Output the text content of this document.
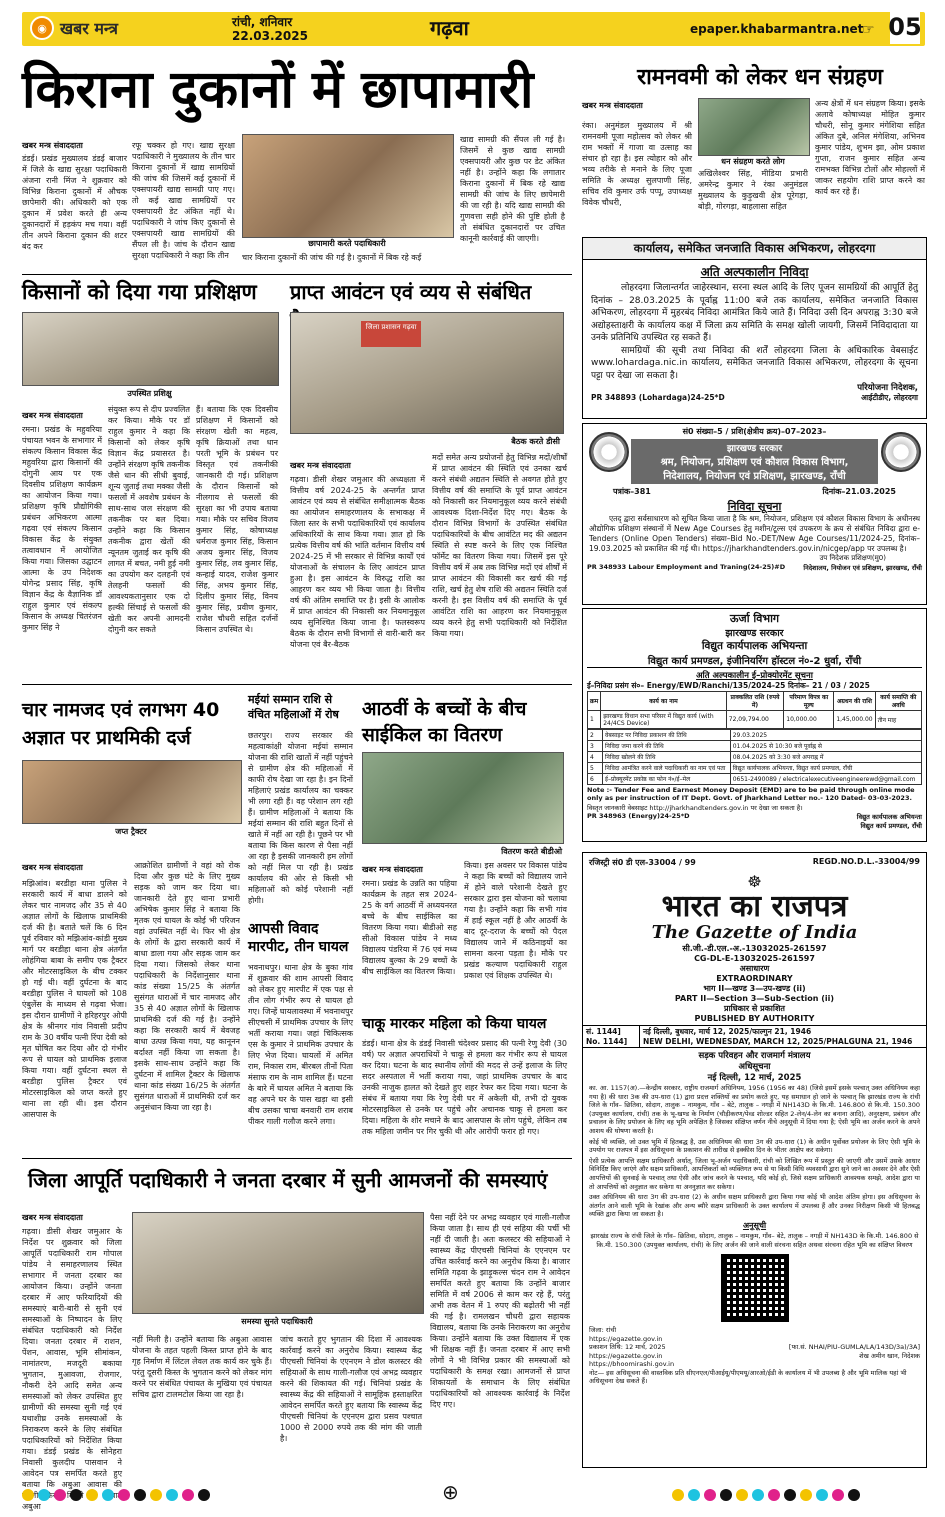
◉ खबर मन्त्र	रांची, शनिवार
22.03.2025	गढ़वा	epaper.khabarmantra.net
☞ 05
किराना दुकानों में छापामारी
खबर मन्त्र संवाददाता
डंडई। प्रखंड मुख्यालय डंडई बाजार में जिले के खाद्य सुरक्षा पदाधिकारी अंजना रानी मिंज ने शुक्रवार को विभिन्न किराना दुकानों में औचक छापेमारी की। अधिकारी को एक दुकान में प्रवेश करते ही अन्य दुकानदारों में हड़कंप मच गया। वहीं तीन अपने किराना दुकान की शटर बंद कर
रफू चक्कर हो गए। खाद्य सुरक्षा पदाधिकारी ने मुख्यालय के तीन चार किराना दुकानों में खाद्य सामग्रियों की जांच की जिसमें कई दुकानों में एक्सपायरी खाद्य सामग्री पाए गए। तो कई खाद्य सामग्रियों पर एक्सपायरी डेट अंकित नहीं थे। पदाधिकारी ने जांच किए दुकानों से एक्सपायरी खाद्य सामग्रियों की सैंपल ली है। जांच के दौरान खाद्य सुरक्षा पदाधिकारी ने कहा कि तीन
छापामारी करते पदाधिकारी
चार किराना दुकानों की जांच की गई है। दुकानों में बिक रहे कई
खाद्य सामग्री की सैंपल ली गई है। जिसमें से कुछ खाद्य सामग्री एक्सपायरी और कुछ पर डेट अंकित नहीं है। उन्होंने कहा कि लगातार किराना दुकानों में बिक रहे खाद्य सामग्री की जांच के लिए छापेमारी की जा रही है। यदि खाद्य सामग्री की गुणवत्ता सही होने की पुष्टि होती है तो संबंधित दुकानदारों पर उचित कानूनी कार्रवाई की जाएगी।
रामनवमी को लेकर धन संग्रहण
खबर मन्त्र संवाददाता
रंका। अनुमंडल मुख्यालय में श्री रामनवमी पूजा महोत्सव को लेकर श्री राम भक्तों में गाजा वा उत्साह का संचार हो रहा है। इस त्योहार को और भव्य तरीके से मनाने के लिए पूजा समिति के अध्यक्ष सुलपाणी सिंह, सचिव रवि कुमार उर्फ पप्पू, उपाध्यक्ष विवेक चौधरी,
धन संग्रहण करते लोग
अखिलेश्वर सिंह, मीडिया प्रभारी अमरेन्द्र कुमार ने रंका अनुमंडल मुख्यालय के कुड़ुखवी क्षेत्र पूरेगड़ा, बोड़ी, गोरगड़ा, बाहलासा सहित
अन्य क्षेत्रों में धन संग्रहण किया। इसके अलावे कोषाध्यक्ष मोहित कुमार चौधरी, सोनू कुमार मंगेशिया सहित अंकित दुबे, अनिल मंगेशिया, अभिनव कुमार पांडेय, शुभम झा, ओम प्रकाश गुप्ता, राजन कुमार सहित अन्य रामभक्त विभिन्न टोलों और मोहल्लों में जाकर सहयोग राशि प्राप्त करने का कार्य कर रहे हैं।
कार्यालय, समेकित जनजाति विकास अभिकरण, लोहरदगा
अति अल्पकालीन निविदा
लोहरदगा जिलान्तर्गत जाहेरस्थान, सरना स्थल आदि के लिए पूजन सामग्रियों की आपूर्ति हेतु दिनांक – 28.03.2025 के पूर्वाह्न 11:00 बजे तक कार्यालय, समेकित जनजाति विकास अभिकरण, लोहरदगा में मुहरबंद निविदा आमंत्रित किये जाते हैं। निविदा उसी दिन अपराह्न 3:30 बजे अद्योहस्ताक्षरी के कार्यालय कक्ष में जिला क्रय समिति के समक्ष खोली जायगी, जिसमें निविदादाता या उनके प्रतिनिधि उपस्थित रह सकते हैं।
सामग्रियों की सूची तथा निविदा की शर्तें लोहरदगा जिला के अधिकारिक वेबसाईट www.lohardaga.nic.in कार्यालय, समेकित जनजाति विकास अभिकरण, लोहरदगा के सूचना पट्टा पर देखा जा सकता है।
परियोजना निदेशक,
PR 348893 (Lohardaga)24-25*D	आईटीडीए, लोहरदगा
सं0 संख्या–5 / प्रशि(क्षेत्रीय क्रय)–07–2023–
झारखण्ड सरकार
श्रम, नियोजन, प्रशिक्षण एवं कौशल विकास विभाग,
निदेशालय, नियोजन एवं प्रशिक्षण, झारखण्ड, राँची
पत्रांक–381	दिनांक–21.03.2025
निविदा सूचना
एतद् द्वारा सर्वसाधारण को सूचित किया जाता है कि श्रम, नियोजन, प्रशिक्षण एवं कौशल विकास विभाग के अधीनस्थ औद्योगिक प्रशिक्षण संस्थानों में New Age Courses हेतु मशीन/टूल्स एवं उपकरण के क्रय से संबंधित निविदा द्वारा e-Tenders (Online Open Tenders) संख्या–Bid No.-DET/New Age Courses/11/2024-25, दिनांक–19.03.2025 को प्रकाशित की गई थी। https://jharkhandtenders.gov.in/nicgep/app पर उपलब्ध है।
उप निदेशक प्रशिक्षण(मु0)
PR 348933 Labour Employment and Traning(24-25)#D	निदेशालय, नियोजन एवं प्रशिक्षण, झारखण्ड, राँची
ऊर्जा विभाग
झारखण्ड सरकार
विद्युत कार्यपालक अभियन्ता
विद्युत कार्य प्रमण्डल, इंजीनियरिंग हॉस्टल नं०-2 धुर्वा, राँची
अति अल्पकालीन ई–प्रोक्योरमेंट सूचना
ई–निविदा प्रसंग सं०– Energy/EWD/Ranchi/135/2024-25 दिनांक– 21 / 03 / 2025
क्रम	कार्य का नाम	प्राक्कलित राशि (रुपये में)	परिमाण विपत्र का मूल्य	अग्रधन की राशि	कार्य समाप्ति की अवधि
1	झारखण्ड विधान सभा परिसर में विद्युत कार्य (with 24/4CS Device)	72,09,794.00	10,000.00	1,45,000.00	तीन माह
2	वेबसाइट पर निविदा प्रकाशन की तिथि	29.03.2025
3	निविदा जमा करने की तिथि	01.04.2025 से 10:30 बजे पूर्वाह्न से
4	निविदा खोलने की तिथि	08.04.2025 को 3:30 बजे अपराह्न में
5	निविदा आमंत्रित करने वाले पदाधिकारी का नाम एवं पता	विद्युत कार्यपालक अभियन्ता, विद्युत कार्य प्रमण्डल, राँची
6	ई–प्रोक्यूरमेंट प्रकोष्ठ का फोन नं०/ई–मेल	0651-2490089 / electricalexecutiveengineerewd@gmail.com
Note :- Tender Fee and Earnest Money Deposit (EMD) are to be paid through online mode only as per instruction of IT Dept. Govt. of Jharkhand Letter no.- 120 Dated- 03-03-2023.
विस्तृत जानकारी वेबसाइट http://jharkhandtenders.gov.in पर देखा जा सकता है।
PR 348963 (Energy)24-25*D	विद्युत कार्यपालक अभियन्ता
विद्युत कार्य प्रमण्डल, राँची
किसानों को दिया गया प्रशिक्षण
उपस्थित प्रशिक्षु
खबर मन्त्र संवाददाता
रमना। प्रखंड के महुवरिया पंचायत भवन के सभागार में संकल्प किसान विकास केंद्र महुवरिया द्वारा किसानों की दोगुनी आय पर एक दिवसीय प्रशिक्षण कार्यक्रम का आयोजन किया गया। प्रशिक्षण कृषि प्रौद्योगिकी प्रबंधन अभिकरण आत्मा गढ़वा एवं संकल्प किसान विकास केंद्र के संयुक्त तत्वावधान में आयोजित किया गया। जिसका उद्घाटन आत्मा के उप निदेशक योगेन्द्र प्रसाद सिंह, कृषि विज्ञान केंद्र के वैज्ञानिक डॉ राहुल कुमार एवं संकल्प किसान के अध्यक्ष चितरंजन कुमार सिंह ने
संयुक्त रूप से दीप प्रज्वलित कर किया। मौके पर डॉ राहुल कुमार ने कहा कि किसानों को लेकर कृषि विज्ञान केंद्र प्रयासरत है। उन्होंने संरक्षण कृषि तकनीक जैसे धान की सीधी बुवाई, शून्य जुताई तथा मक्का जैसी फसलों में अवशेष प्रबंधन के साथ-साथ जल संरक्षण की तकनीक पर बल दिया। उन्होंने कहा कि किसान तकनीक द्वारा खेतों की न्यूनतम जुताई कर कृषि की लागत में बचत, नमी हुई नमी का उपयोग कर दलहनी एवं तेलहनी फसलों की आवश्यकतानुसार एक दो हल्की सिंचाई से फसलों की खेती कर अपनी आमदनी दोगुनी कर सकते
हैं। बताया कि एक दिवसीय प्रशिक्षण में किसानों को संरक्षण खेती का महत्व, कृषि क्रियाओं तथा धान परती भूमि के प्रबंधन पर विस्तृत एवं तकनीकी जानकारी दी गई। प्रशिक्षण के दौरान किसानों को नीलगाय से फसलों की सुरक्षा का भी उपाय बताया गया। मौके पर सचिव विजय कुमार सिंह, कोषाध्यक्ष धर्मराज कुमार सिंह, किसान अजय कुमार सिंह, विजय कुमार सिंह, लव कुमार सिंह, कन्हाई यादव, राजेश कुमार सिंह, अभय कुमार सिंह, दिलीप कुमार सिंह, विनय कुमार सिंह, प्रवीण कुमार, राजेश चौधरी सहित दर्जनों किसान उपस्थित थे।
प्राप्त आवंटन एवं व्यय से संबंधित
जिला प्रशासन गढ़वा
बैठक करते डीसी
खबर मन्त्र संवाददाता
गढ़वा। डीसी शेखर जमुआर की अध्यक्षता में वित्तीय वर्ष 2024-25 के अन्तर्गत प्राप्त आवंटन एवं व्यय से संबंधित समीक्षात्मक बैठक का आयोजन समाहरणालय के सभाकक्ष में जिला स्तर के सभी पदाधिकारियों एवं कार्यालय अधिकारियों के साथ किया गया। ज्ञात हो कि प्रत्येक वित्तीय वर्ष की भांति वर्तमान वित्तीय वर्ष 2024-25 में भी सरकार से विभिन्न कार्यों एवं योजनाओं के संचालन के लिए आवंटन प्राप्त हुआ है। इस आवंटन के विरुद्ध राशि का आहरण कर व्यय भी किया जाता है। वित्तीय वर्ष की अंतिम समाप्ति पर है। इसी के आलोक में प्राप्त आवंटन की निकासी कर नियमानुकूल व्यय सुनिश्चित किया जाना है। फलस्वरूप बैठक के दौरान सभी विभागों से वारी-बारी कर योजना एवं बैर-बैठक
मदों समेत अन्य प्रयोजनों हेतु विभिन्न मदों/शीर्षों में प्राप्त आवंटन की स्थिति एवं उनका खर्च करने संबंधी अद्यतन स्थिति से अवगत होते हुए वित्तीय वर्ष की समाप्ति के पूर्व प्राप्त आवंटन को निकासी कर नियमानुकूल व्यय करने संबंधी आवश्यक दिशा-निर्देश दिए गए। बैठक के दौरान विभिन्न विभागों के उपस्थित संबंधित पदाधिकारियों के बीच आवंटित मद की अद्यतन स्थिति से स्पष्ट करने के लिए एक निश्चित फॉर्मेट का वितरण किया गया। जिसमें इस पूरे वित्तीय वर्ष में अब तक विभिन्न मदों एवं शीर्षों में प्राप्त आवंटन की विकासी कर खर्च की गई राशि, खर्च हेतु शेष राशि की अद्यतन स्थिति दर्ज करनी है। इस वित्तीय वर्ष की समाप्ति के पूर्व आवंटित राशि का आहरण कर नियमानुकूल व्यय करने हेतु सभी पदाधिकारी को निर्देशित किया गया।
चार नामजद एवं लगभग 40 अज्ञात पर प्राथमिकी दर्ज
जप्त ट्रैक्टर
खबर मन्त्र संवाददाता
मझिआंव। बरडीहा थाना पुलिस ने सरकारी कार्य में बाधा डालने को लेकर चार नामजद और 35 से 40 अज्ञात लोगों के खिलाफ प्राथमिकी दर्ज की है। बताते चलें कि 6 दिन पूर्व रविवार को मझिआंव-कांडी मुख्य मार्ग पर बरडीहा थाना क्षेत्र अंतर्गत लोहंगिया बाबा के समीप एक ट्रैक्टर और मोटरसाइकिल के बीच टक्कर हो गई थी। वहीं दुर्घटना के बाद बरडीहा पुलिस ने घायलों को 108 एंबुलेंस के माध्यम से गढ़वा भेजा। इस दौरान ग्रामीणों ने हरिहरपुर ओपी क्षेत्र के श्रीनगर गांव निवासी प्रदीप राम के 30 वर्षीय पत्नी रिंपा देवी को मृत घोषित कर दिया और दो गंभीर रूप से घायल को प्राथमिक इलाज किया गया। वहीं दुर्घटना स्थल से बरडीहा पुलिस ट्रैक्टर एवं मोटरसाइकिल को जप्त करते हुए थाना ला रही थी। इस दौरान आसपास के
आक्रोशित ग्रामीणों ने वहां को रोक दिया और कुछ घंटे के लिए मुख्य सड़क को जाम कर दिया था। जानकारी देते हुए थाना प्रभारी अभिषेक कुमार सिंह ने बताया कि मृतक एवं घायल के कोई भी परिजन वहां उपस्थित नहीं थे। फिर भी क्षेत्र के लोगों के द्वारा सरकारी कार्य में बाधा डाला गया और सड़क जाम कर दिया गया। जिसको लेकर थाना पदाधिकारी के निर्देशानुसार थाना कांड संख्या 15/25 के अंतर्गत सुसंगत धाराओं में चार नामजद और 35 से 40 अज्ञात लोगों के खिलाफ प्राथमिकी दर्ज की गई है। उन्होंने कहा कि सरकारी कार्य में बेवजह बाधा उत्पन्न किया गया, यह कानूनन बर्दाश्त नहीं किया जा सकता है। इसके साथ-साथ उन्होंने कहा कि दुर्घटना में शामिल ट्रैक्टर के खिलाफ थाना कांड संख्या 16/25 के अंतर्गत सुसंगत धाराओं में प्राथमिकी दर्ज कर अनुसंधान किया जा रहा है।
मईयां सम्मान राशि से वंचित महिलाओं में रोष
छतरपुर। राज्य सरकार की महत्वाकांक्षी योजना मईयां सम्मान योजना की राशि खातों में नहीं पहुंचने से ग्रामीण क्षेत्र की महिलाओं में काफी रोष देखा जा रहा है। इन दिनों महिलाएं प्रखंड कार्यालय का चक्कर भी लगा रही हैं। वह परेशान लग रही हैं। ग्रामीण महिलाओं ने बताया कि मईयां सम्मान की राशि बहुत दिनों से खाते में नहीं आ रही है। पूछने पर भी बताया कि किस कारण से पैसा नहीं आ रहा है इसकी जानकारी हम लोगों को नहीं मिल पा रही है। प्रखंड कार्यालय की ओर से किसी भी महिलाओं को कोई परेशानी नहीं होगी।
आपसी विवाद मारपीट, तीन घायल
भवनाथपुर। थाना क्षेत्र के बुका गांव में शुक्रवार की शाम आपसी विवाद को लेकर हुए मारपीट में एक पक्ष से तीन लोग गंभीर रूप से घायल हो गए। जिन्हें घायलावस्था में भवनाथपुर सीएचसी में प्राथमिक उपचार के लिए भर्ती कराया गया। जहां चिकित्सक एस के कुमार ने प्राथमिक उपचार के लिए भेज दिया। घायलों में अमित राम, निकास राम, बीरबल तीनों पिता मंसाफ राम के नाम शामिल हैं। घटना के बारे में घायल अमित ने बताया कि वह अपने घर के पास खड़ा था इसी बीच उसका चाचा बनवारी राम शराब पीकर गाली गलौज करने लगा।
आठवीं के बच्चों के बीच साईकिल का वितरण
वितरण करते बीडीओ
खबर मन्त्र संवाददाता
रमना। प्रखंड के उन्नति का पहिया कार्यक्रम के तहत सत्र 2024-25 के वर्ग आठवीं में अध्ययनरत बच्चे के बीच साईकिल का वितरण किया गया। बीडीओ सह सीओ विकास पांडेय ने मध्य विद्यालय पंडरिया में 76 एवं मध्य विद्यालय बुल्का के 29 बच्चों के बीच साईकिल का वितरण किया।
किया। इस अवसर पर विकास पांडेय ने कहा कि बच्चों को विद्यालय जाने में होने वाले परेशानी देखते हुए सरकार द्वारा इस योजना को चलाया गया है। उन्होंने कहा कि सभी गांव में हाई स्कूल नहीं है और आठवीं के बाद दूर-दराज के बच्चों को पैदल विद्यालय जाने में कठिनाइयों का सामना करना पड़ता है। मौके पर प्रखंड कल्याण पदाधिकारी राहुल प्रकाश एवं शिक्षक उपस्थित थे।
चाकू मारकर महिला को किया घायल
डंडई। थाना क्षेत्र के डंडई निवासी चंदेश्वर प्रसाद की पत्नी रेणु देवी (30 वर्ष) पर अज्ञात अपराधियों ने चाकू से हमला कर गंभीर रूप से घायल कर दिया। घटना के बाद स्थानीय लोगों की मदद से उन्हें इलाज के लिए सदर अस्पताल में भर्ती कराया गया, जहां प्राथमिक उपचार के बाद उनकी नाजुक हालत को देखते हुए शहर रेफर कर दिया गया। घटना के संबंध में बताया गया कि रेणु देवी घर में अकेली थी, तभी दो युवक मोटरसाइकिल से उनके घर पहुंचे और अचानक चाकू से हमला कर दिया। महिला के शोर मचाने के बाद आसपास के लोग पहुंचे, लेकिन तब तक महिला जमीन पर गिर चुकी थी और आरोपी फरार हो गए।
जिला आपूर्ति पदाधिकारी ने जनता दरबार में सुनी आमजनों की समस्याएं
खबर मन्त्र संवाददाता
गढ़वा। डीसी शेखर जमुआर के निर्देश पर शुक्रवार को जिला आपूर्ति पदाधिकारी राम गोपाल पांडेय ने समाहरणालय स्थित सभागार में जनता दरबार का आयोजन किया। उन्होंने जनता दरबार में आए फरियादियों की समस्याएं बारी-बारी से सुनी एवं समस्याओं के निष्पादन के लिए संबंधित पदाधिकारी को निर्देश दिया। जनता दरबार में राशन, पेंशन, आवास, भूमि सीमांकन, नामांतरण, मजदूरी बकाया भुगतान, मुआवजा, रोजगार, नौकरी देने आदि समेत अन्य समस्याओं को लेकर उपस्थित हुए ग्रामीणों की समस्या सुनी गई एवं यथाशीघ्र उनके समस्याओं के निराकरण करने के लिए संबंधित पदाधिकारियों को निर्देशित किया गया। डंडई प्रखंड के सोनेहरा निवासी कुलदीप पासवान ने आवेदन पत्र समर्पित करते हुए बताया कि अबुआ आवास की किस्त अबुआ
समस्या सुनते पदाधिकारी
नहीं मिली है। उन्होंने बताया कि अबुआ आवास योजना के तहत पहली किस्त प्राप्त होने के बाद गृह निर्माण में लिंटल लेवल तक कार्य कर चुके हैं। परंतु दूसरी किस्त के भुगतान करने को लेकर मांग करने पर संबंधित पंचायत के मुखिया एवं पंचायत सचिव द्वारा टालमटोल किया जा रहा है।
जांच कराते हुए भुगतान की दिशा में आवश्यक कार्रवाई करने का अनुरोध किया। स्वास्थ्य केंद्र पीएचसी चिनियां के एएनएम ने डोल कलस्टर की सहियाओं के साथ गाली-गलौज एवं अभद्र व्यवहार करने की शिकायत की गई। चिनियां प्रखंड के स्वास्थ्य केंद्र की सहियाओं ने सामूहिक हस्ताक्षरित आवेदन समर्पित करते हुए बताया कि स्वास्थ्य केंद्र पीएचसी चिनियां के एएनएम द्वारा प्रसव पश्चात 1000 से 2000 रुपये तक की मांग की जाती है।
पैसा नहीं देने पर अभद्र व्यवहार एवं गाली-गलौज किया जाता है। साथ ही एवं सहिया की पर्ची भी नहीं दी जाती है। अतः कलस्टर की सहियाओं ने स्वास्थ्य केंद्र पीएचसी चिनियां के एएनएम पर उचित कार्रवाई करने का अनुरोध किया है। बाजार समिति गढ़वा के झाड़ूकल्स चंदन राम ने आवेदन समर्पित करते हुए बताया कि उन्होंने बाजार समिति में वर्ष 2006 से काम कर रहे हैं, परंतु अभी तक वेतन में 1 रुपए की बढ़ोतरी भी नहीं की गई है। रामलखन चौधरी द्वारा सहायक विद्यालय, बताया कि उनके निराकरण का अनुरोध किया। उन्होंने बताया कि उक्त विद्यालय में एक भी शिक्षक नहीं हैं। जनता दरबार में आए सभी लोगों ने भी विभिन्न प्रकार की समस्याओं को पदाधिकारी के समक्ष रखा। आमजनों से प्राप्त शिकायतों के समाधान के लिए संबंधित पदाधिकारियों को आवश्यक कार्रवाई के निर्देश दिए गए।
रजिस्ट्री सं0 डी एल-33004 / 99	REGD.NO.D.L.-33004/99
☸
भारत का राजपत्र
The Gazette of India
सी.जी.-डी.एल.-अ.-13032025-261597
CG-DL-E-13032025-261597
असाधारण
EXTRAORDINARY
भाग II—खण्ड 3—उप-खण्ड (ii)
PART II—Section 3—Sub-Section (ii)
प्राधिकार से प्रकाशित
PUBLISHED BY AUTHORITY
सं. 1144]
No. 1144]
नई दिल्ली, बुधवार, मार्च 12, 2025/फाल्गुन 21, 1946
NEW DELHI, WEDNESDAY, MARCH 12, 2025/PHALGUNA 21, 1946
सड़क परिवहन और राजमार्ग मंत्रालय
अधिसूचना
नई दिल्ली, 12 मार्च, 2025
का. आ. 1157(अ).—केन्द्रीय सरकार, राष्ट्रीय राजमार्ग अधिनियम, 1956 (1956 का 48) (जिसे इसमें इसके पश्चात् उक्त अधिनियम कहा गया है) की धारा 3क की उप-धारा (1) द्वारा प्रदत्त शक्तियों का प्रयोग करते हुए, यह समाधान हो जाने के पश्चात् कि झारखंड राज्य के रांची जिले के गाँव– छितिवा, सोदाग, तालुक – नामकुम, गाँव – बेटे, तालुक – नगड़ी में NH143D के कि.मी. 146.800 से कि.मी. 150.300 (उपयुक्त कार्यालय, रांची) तक के भू-खण्ड के निर्माण (चौड़ीकरण/पेव्ड शोल्डर सहित 2-लेन/4-लेन का बनाना आदि), अनुरक्षण, प्रबंधन और प्रचालन के लिए प्रयोजन के लिए वह भूमि अपेक्षित है जिसका संक्षिप्त वर्णन नीचे अनुसूची में दिया गया है; ऐसी भूमि का अर्जन करने के अपने आशय की घोषणा करती है।
कोई भी व्यक्ति, जो उक्त भूमि में हितबद्ध है, उस अधिनियम की धारा 3ग की उप-धारा (1) के अधीन पूर्वोक्त प्रयोजन के लिए ऐसी भूमि के उपयोग पर राजपत्र में इस अधिसूचना के प्रकाशन की तारीख से इक्कीस दिन के भीतर आक्षेप कर सकेगा।
ऐसी प्रत्येक आपत्ति सक्षम प्राधिकारी अर्थात्, जिला भू-अर्जन पदाधिकारी, रांची को लिखित रूप में प्रस्तुत की जाएगी और उसमें उसके आधार विनिर्दिष्ट किए जाएंगे और सक्षम प्राधिकारी, आपत्तिकर्ता को व्यक्तिगत रूप से या किसी विधि व्यवसायी द्वारा सुने जाने का अवसर देने और ऐसी आपत्तियों की सुनवाई के पश्चात् तथा ऐसी और जांच करने के पश्चात्, यदि कोई हो, जिसे सक्षम प्राधिकारी आवश्यक समझे, आदेश द्वारा या तो आपत्तियों को अनुज्ञात कर सकेगा या अननुज्ञात कर सकेगा।
उक्त अधिनियम की धारा 3ग की उप-धारा (2) के अधीन सक्षम प्राधिकारी द्वारा किया गया कोई भी आदेश अंतिम होगा। इस अधिसूचना के अंतर्गत आने वाली भूमि के रेखांक और अन्य ब्यौरे सक्षम प्राधिकारी के उक्त कार्यालय में उपलब्ध हैं और उनका निरीक्षण किसी भी हितबद्ध व्यक्ति द्वारा किया जा सकता है।
अनुसूची
झारखंड राज्य के रांची जिले के गाँव– छितिवा, सोदाग, तालुक – नामकुम, गाँव– बेटे, तालुक – नगड़ी में NH143D के कि.मी. 146.800 से कि.मी. 150.300 (उपयुक्त कार्यालय, रांची) के लिए अर्जन की जाने वाली संरचना सहित अथवा संरचना रहित भूमि का संक्षिप्त विवरण
जिला: रांची
https://egazette.gov.in
प्रकाशन तिथि: 12 मार्च, 2025	[फा.सं. NHAI/PIU-GUMLA/LA/143D/3a)/3A]
https://egazette.gov.in	शेख अमीन खान, निदेशक
https://bhoomirashi.gov.in
नोट— इस अधिसूचना की वास्तविक प्रति सीएनएल/पीआईयू/पीएमयू/आरओ/ईडी के कार्यालय में भी उपलब्ध है और भूमि मालिक यहां भी अधिसूचना देख सकते हैं।
⊕
